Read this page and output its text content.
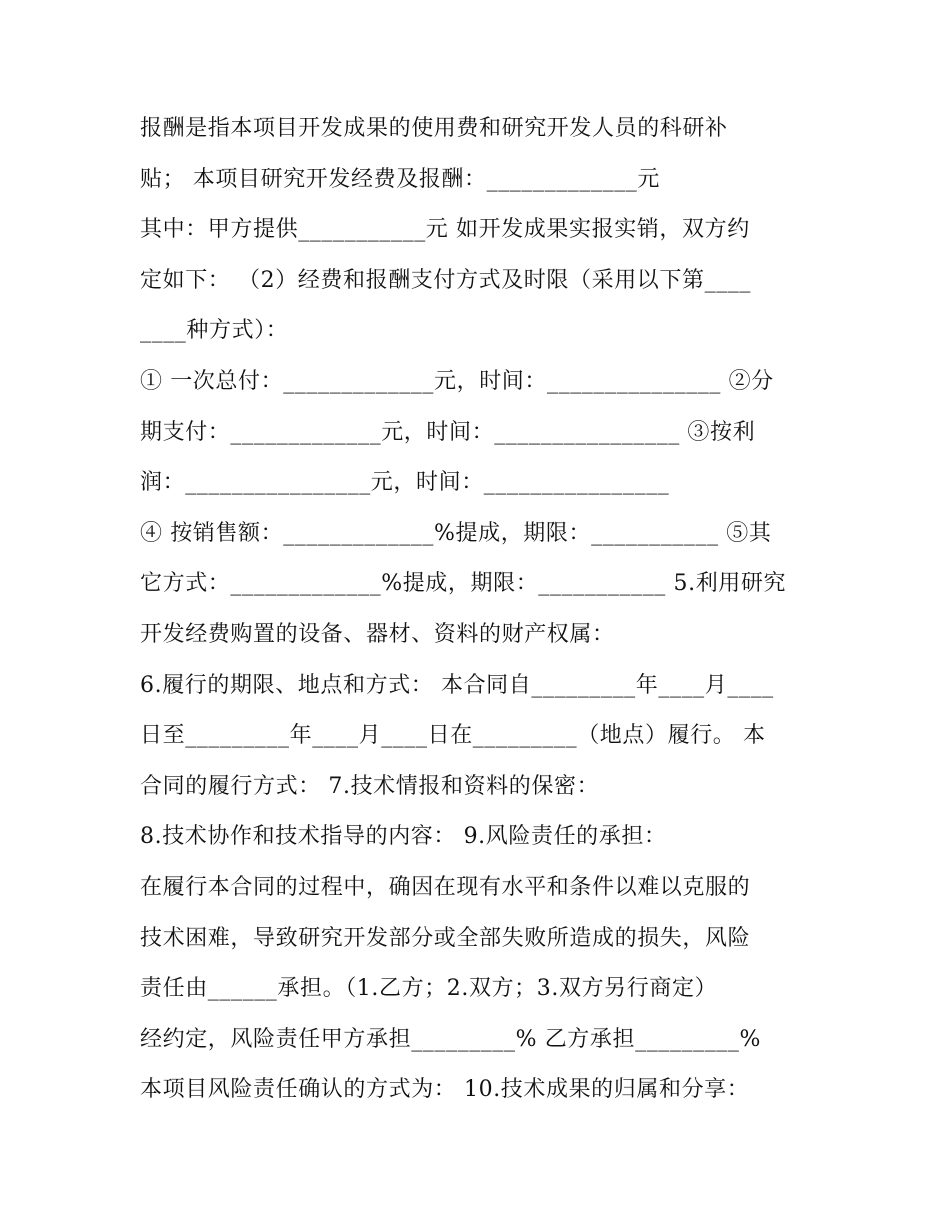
报酬是指本项目开发成果的使用费和研究开发人员的科研补
贴； 本项目研究开发经费及报酬：_____________元
其中：甲方提供___________元 如开发成果实报实销，双方约
定如下： （2）经费和报酬支付方式及时限（采用以下第____
____种方式）：
① 一次总付：_____________元，时间：_______________ ②分
期支付：_____________元，时间：________________ ③按利
润：________________元，时间：________________
④ 按销售额：_____________%提成，期限：___________ ⑤其
它方式：_____________%提成，期限：___________ 5.利用研究
开发经费购置的设备、器材、资料的财产权属：
6.履行的期限、地点和方式： 本合同自_________年____月____
日至_________年____月____日在_________（地点）履行。 本
合同的履行方式： 7.技术情报和资料的保密：
8.技术协作和技术指导的内容： 9.风险责任的承担：
在履行本合同的过程中，确因在现有水平和条件以难以克服的
技术困难，导致研究开发部分或全部失败所造成的损失，风险
责任由______承担。（1.乙方；2.双方；3.双方另行商定）
经约定，风险责任甲方承担_________% 乙方承担_________%
本项目风险责任确认的方式为： 10.技术成果的归属和分享：
